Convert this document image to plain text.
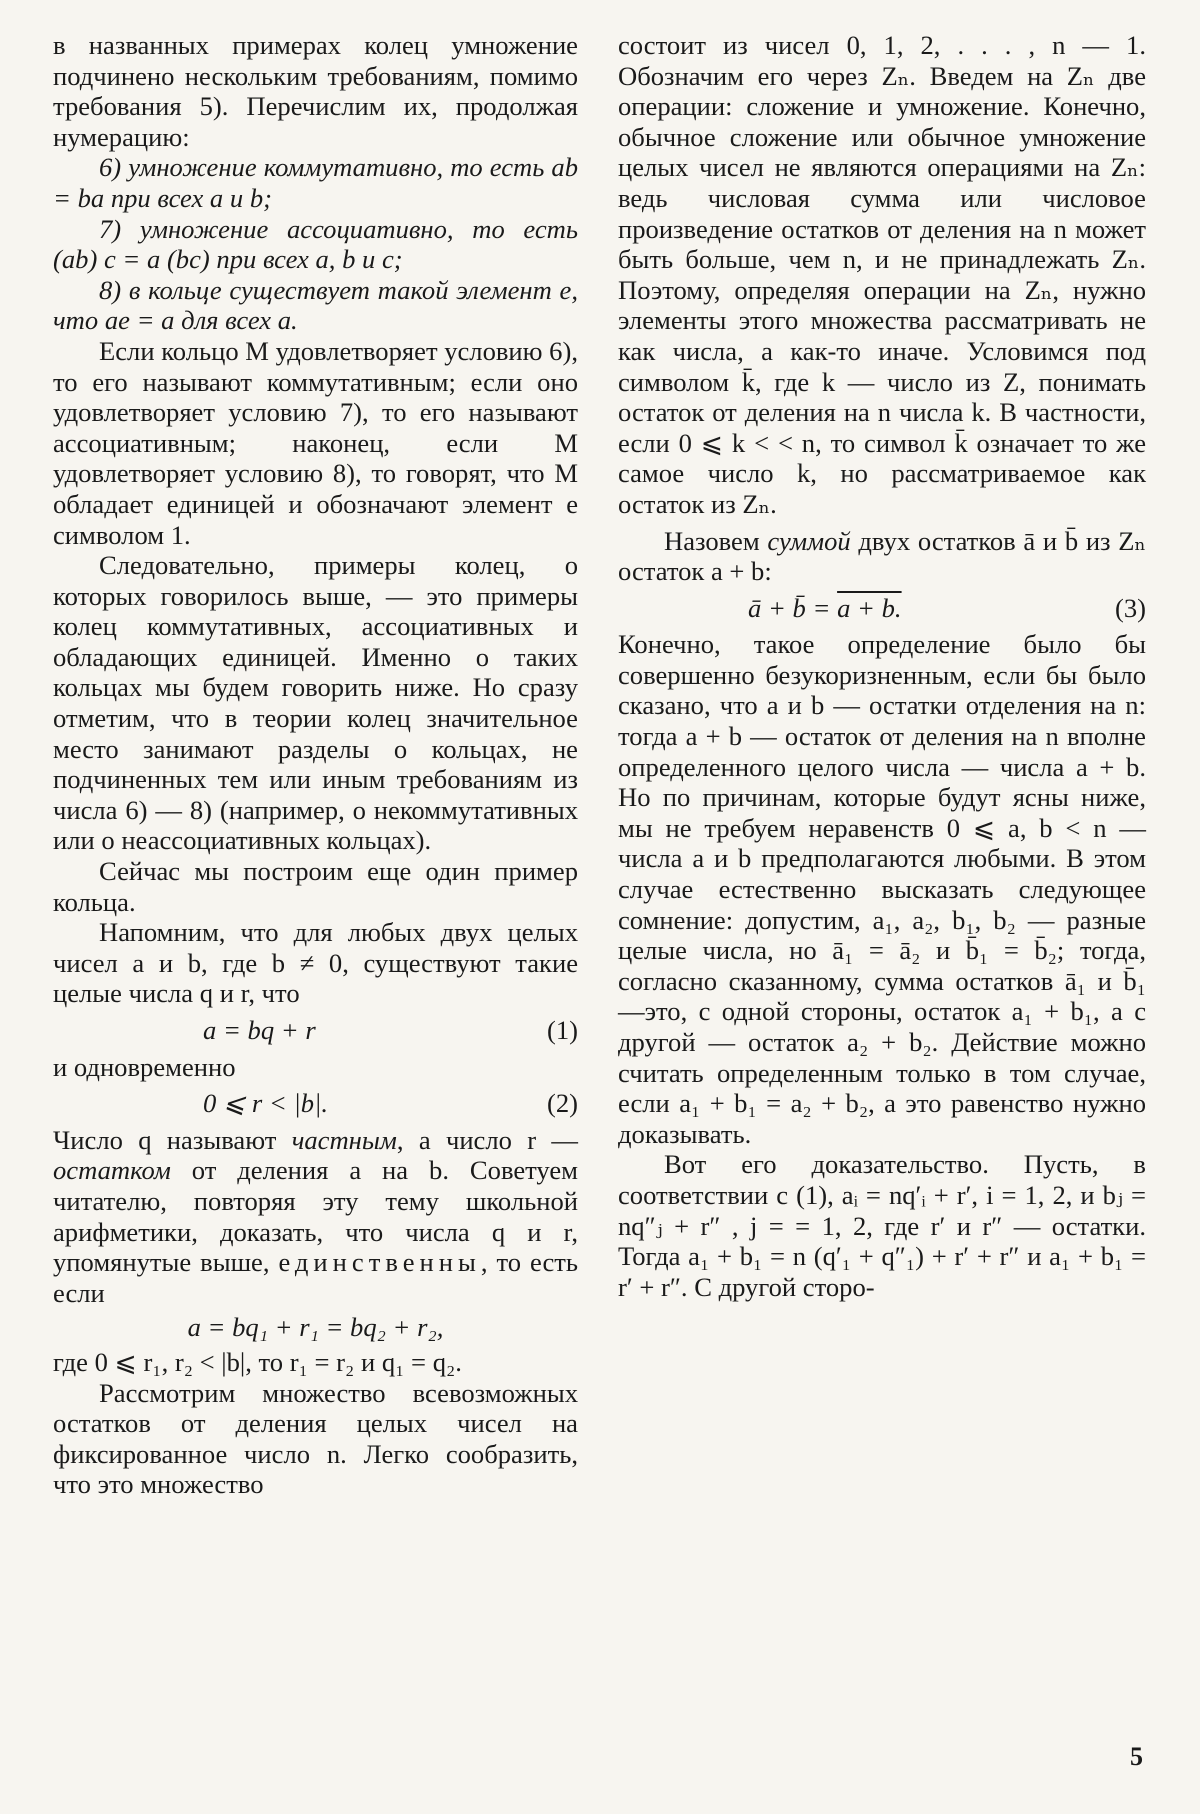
в названных примерах колец умножение подчинено нескольким требованиям, помимо требования 5). Перечислим их, продолжая нумерацию:

6) умножение коммутативно, то есть ab = ba при всех a и b;

7) умножение ассоциативно, то есть (ab) c = a (bc) при всех a, b и c;

8) в кольце существует такой элемент e, что ae = a для всех a.

Если кольцо M удовлетворяет условию 6), то его называют коммутативным; если оно удовлетворяет условию 7), то его называют ассоциативным; наконец, если M удовлетворяет условию 8), то говорят, что M обладает единицей и обозначают элемент e символом 1.

Следовательно, примеры колец, о которых говорилось выше, — это примеры колец коммутативных, ассоциативных и обладающих единицей. Именно о таких кольцах мы будем говорить ниже. Но сразу отметим, что в теории колец значительное место занимают разделы о кольцах, не подчиненных тем или иным требованиям из числа 6) — 8) (например, о некоммутативных или о неассоциативных кольцах).

Сейчас мы построим еще один пример кольца.

Напомним, что для любых двух целых чисел a и b, где b ≠ 0, существуют такие целые числа q и r, что

a = bq + r	(1)

и одновременно

0 ⩽ r < |b|.	(2)

Число q называют частным, а число r — остатком от деления a на b. Советуем читателю, повторяя эту тему школьной арифметики, доказать, что числа q и r, упомянутые выше, единственны, то есть если

a = bq₁ + r₁ = bq₂ + r₂,

где 0 ⩽ r₁, r₂ < |b|, то r₁ = r₂ и q₁ = q₂.

Рассмотрим множество всевозможных остатков от деления целых чисел на фиксированное число n. Легко сообразить, что это множество

состоит из чисел 0, 1, 2, . . . , n — 1. Обозначим его через Zₙ. Введем на Zₙ две операции: сложение и умножение. Конечно, обычное сложение или обычное умножение целых чисел не являются операциями на Zₙ: ведь числовая сумма или числовое произведение остатков от деления на n может быть больше, чем n, и не принадлежать Zₙ. Поэтому, определяя операции на Zₙ, нужно элементы этого множества рассматривать не как числа, а как-то иначе. Условимся под символом k̄, где k — число из Z, понимать остаток от деления на n числа k. В частности, если 0 ⩽ k < < n, то символ k̄ означает то же самое число k, но рассматриваемое как остаток из Zₙ.

Назовем суммой двух остатков ā и b̄ из Zₙ остаток a + b:

ā + b̄ = a + b.	(3)

Конечно, такое определение было бы совершенно безукоризненным, если бы было сказано, что a и b — остатки отделения на n: тогда a + b — остаток от деления на n вполне определенного целого числа — числа a + b. Но по причинам, которые будут ясны ниже, мы не требуем неравенств 0 ⩽ a, b < n — числа a и b предполагаются любыми. В этом случае естественно высказать следующее сомнение: допустим, a₁, a₂, b₁, b₂ — разные целые числа, но ā₁ = ā₂ и b̄₁ = b̄₂; тогда, согласно сказанному, сумма остатков ā₁ и b̄₁ —это, с одной стороны, остаток a₁ + b₁, а с другой — остаток a₂ + b₂. Действие можно считать определенным только в том случае, если a₁ + b₁ = a₂ + b₂, а это равенство нужно доказывать.

Вот его доказательство. Пусть, в соответствии с (1), aᵢ = nq′ᵢ + r′, i = 1, 2, и bⱼ = nq″ⱼ + r″ , j = = 1, 2, где r′ и r″ — остатки. Тогда a₁ + b₁ = n (q′₁ + q″₁) + r′ + r″ и a₁ + b₁ = r′ + r″. С другой сторо-

5
